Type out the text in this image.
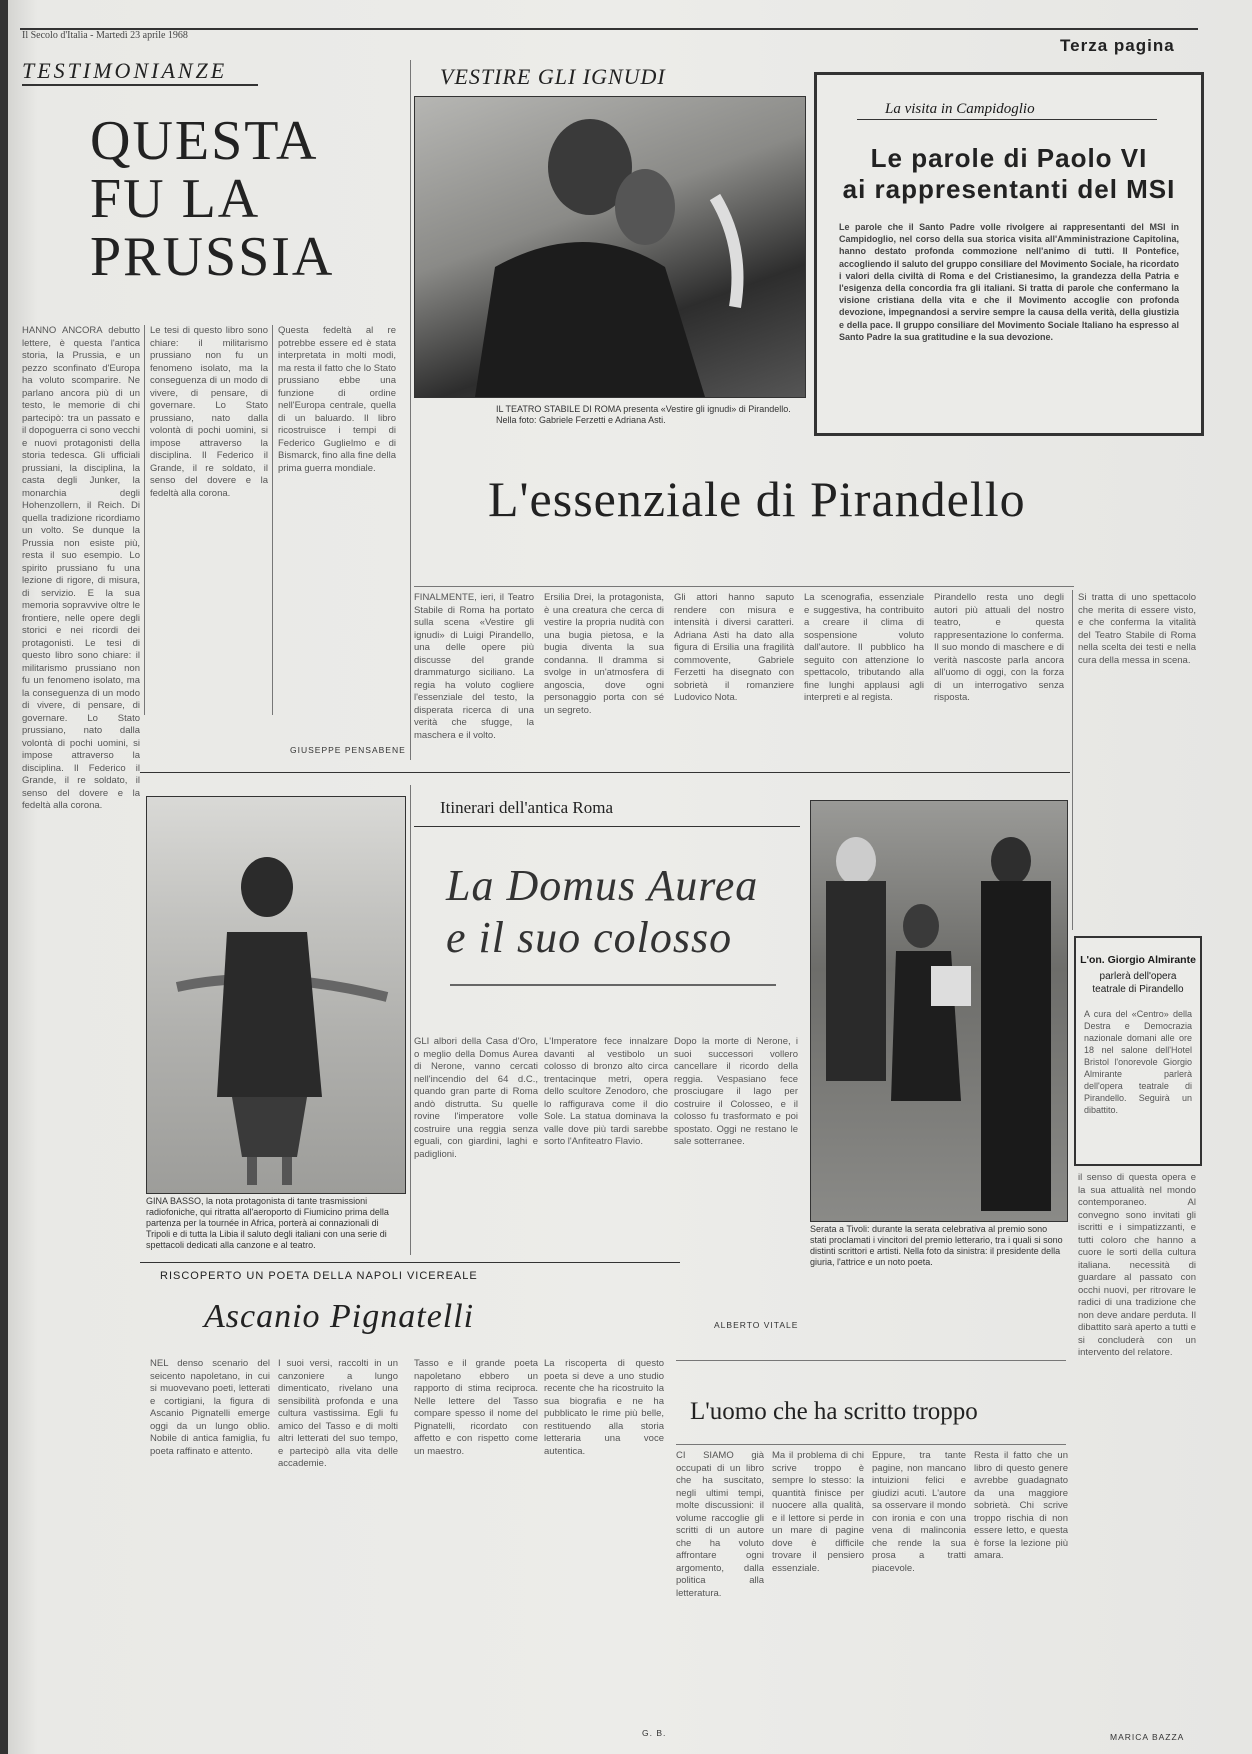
Il Secolo d'Italia - Martedì 23 aprile 1968
Terza pagina
TESTIMONIANZE
QUESTA
FU LA
PRUSSIA
HANNO ANCORA debutto lettere, è questa l'antica storia, la Prussia, e un pezzo sconfinato d'Europa ha voluto scomparire. Ne parlano ancora più di un testo, le memorie di chi partecipò: tra un passato e il dopoguerra ci sono vecchi e nuovi protagonisti della storia tedesca. Gli ufficiali prussiani, la disciplina, la casta degli Junker, la monarchia degli Hohenzollern, il Reich. Di quella tradizione ricordiamo un volto. Se dunque la Prussia non esiste più, resta il suo esempio. Lo spirito prussiano fu una lezione di rigore, di misura, di servizio. E la sua memoria sopravvive oltre le frontiere, nelle opere degli storici e nei ricordi dei protagonisti. Le tesi di questo libro sono chiare: il militarismo prussiano non fu un fenomeno isolato, ma la conseguenza di un modo di vivere, di pensare, di governare. Lo Stato prussiano, nato dalla volontà di pochi uomini, si impose attraverso la disciplina. Il Federico il Grande, il re soldato, il senso del dovere e la fedeltà alla corona.
Le tesi di questo libro sono chiare: il militarismo prussiano non fu un fenomeno isolato, ma la conseguenza di un modo di vivere, di pensare, di governare. Lo Stato prussiano, nato dalla volontà di pochi uomini, si impose attraverso la disciplina. Il Federico il Grande, il re soldato, il senso del dovere e la fedeltà alla corona.
Questa fedeltà al re potrebbe essere ed è stata interpretata in molti modi, ma resta il fatto che lo Stato prussiano ebbe una funzione di ordine nell'Europa centrale, quella di un baluardo. Il libro ricostruisce i tempi di Federico Guglielmo e di Bismarck, fino alla fine della prima guerra mondiale.
GIUSEPPE PENSABENE
VESTIRE GLI IGNUDI
IL TEATRO STABILE DI ROMA presenta «Vestire gli ignudi» di Pirandello. Nella foto: Gabriele Ferzetti e Adriana Asti.
La visita in Campidoglio
Le parole di Paolo VI
ai rappresentanti del MSI
Le parole che il Santo Padre volle rivolgere ai rappresentanti del MSI in Campidoglio, nel corso della sua storica visita all'Amministrazione Capitolina, hanno destato profonda commozione nell'animo di tutti. Il Pontefice, accogliendo il saluto del gruppo consiliare del Movimento Sociale, ha ricordato i valori della civiltà di Roma e del Cristianesimo, la grandezza della Patria e l'esigenza della concordia fra gli italiani. Si tratta di parole che confermano la visione cristiana della vita e che il Movimento accoglie con profonda devozione, impegnandosi a servire sempre la causa della verità, della giustizia e della pace. Il gruppo consiliare del Movimento Sociale Italiano ha espresso al Santo Padre la sua gratitudine e la sua devozione.
L'essenziale di Pirandello
FINALMENTE, ieri, il Teatro Stabile di Roma ha portato sulla scena «Vestire gli ignudi» di Luigi Pirandello, una delle opere più discusse del grande drammaturgo siciliano. La regia ha voluto cogliere l'essenziale del testo, la disperata ricerca di una verità che sfugge, la maschera e il volto.
Ersilia Drei, la protagonista, è una creatura che cerca di vestire la propria nudità con una bugia pietosa, e la bugia diventa la sua condanna. Il dramma si svolge in un'atmosfera di angoscia, dove ogni personaggio porta con sé un segreto.
Gli attori hanno saputo rendere con misura e intensità i diversi caratteri. Adriana Asti ha dato alla figura di Ersilia una fragilità commovente, Gabriele Ferzetti ha disegnato con sobrietà il romanziere Ludovico Nota.
La scenografia, essenziale e suggestiva, ha contribuito a creare il clima di sospensione voluto dall'autore. Il pubblico ha seguito con attenzione lo spettacolo, tributando alla fine lunghi applausi agli interpreti e al regista.
Pirandello resta uno degli autori più attuali del nostro teatro, e questa rappresentazione lo conferma. Il suo mondo di maschere e di verità nascoste parla ancora all'uomo di oggi, con la forza di un interrogativo senza risposta.
Si tratta di uno spettacolo che merita di essere visto, e che conferma la vitalità del Teatro Stabile di Roma nella scelta dei testi e nella cura della messa in scena.
GINA BASSO, la nota protagonista di tante trasmissioni radiofoniche, qui ritratta all'aeroporto di Fiumicino prima della partenza per la tournée in Africa, porterà ai connazionali di Tripoli e di tutta la Libia il saluto degli italiani con una serie di spettacoli dedicati alla canzone e al teatro.
Itinerari dell'antica Roma
La Domus Aurea
e il suo colosso
GLI albori della Casa d'Oro, o meglio della Domus Aurea di Nerone, vanno cercati nell'incendio del 64 d.C., quando gran parte di Roma andò distrutta. Su quelle rovine l'imperatore volle costruire una reggia senza eguali, con giardini, laghi e padiglioni.
L'Imperatore fece innalzare davanti al vestibolo un colosso di bronzo alto circa trentacinque metri, opera dello scultore Zenodoro, che lo raffigurava come il dio Sole. La statua dominava la valle dove più tardi sarebbe sorto l'Anfiteatro Flavio.
Dopo la morte di Nerone, i suoi successori vollero cancellare il ricordo della reggia. Vespasiano fece prosciugare il lago per costruire il Colosseo, e il colosso fu trasformato e poi spostato. Oggi ne restano le sale sotterranee.
ALBERTO VITALE
Serata a Tivoli: durante la serata celebrativa al premio sono stati proclamati i vincitori del premio letterario, tra i quali si sono distinti scrittori e artisti. Nella foto da sinistra: il presidente della giuria, l'attrice e un noto poeta.
L'on. Giorgio Almirante
parlerà dell'opera teatrale di Pirandello
A cura del «Centro» della Destra e Democrazia nazionale domani alle ore 18 nel salone dell'Hotel Bristol l'onorevole Giorgio Almirante parlerà dell'opera teatrale di Pirandello. Seguirà un dibattito.
il senso di questa opera e la sua attualità nel mondo contemporaneo. Al convegno sono invitati gli iscritti e i simpatizzanti, e tutti coloro che hanno a cuore le sorti della cultura italiana. necessità di guardare al passato con occhi nuovi, per ritrovare le radici di una tradizione che non deve andare perduta. Il dibattito sarà aperto a tutti e si concluderà con un intervento del relatore.
RISCOPERTO UN POETA DELLA NAPOLI VICEREALE
Ascanio Pignatelli
NEL denso scenario del seicento napoletano, in cui si muovevano poeti, letterati e cortigiani, la figura di Ascanio Pignatelli emerge oggi da un lungo oblio. Nobile di antica famiglia, fu poeta raffinato e attento.
I suoi versi, raccolti in un canzoniere a lungo dimenticato, rivelano una sensibilità profonda e una cultura vastissima. Egli fu amico del Tasso e di molti altri letterati del suo tempo, e partecipò alla vita delle accademie.
Tasso e il grande poeta napoletano ebbero un rapporto di stima reciproca. Nelle lettere del Tasso compare spesso il nome del Pignatelli, ricordato con affetto e con rispetto come un maestro.
La riscoperta di questo poeta si deve a uno studio recente che ha ricostruito la sua biografia e ne ha pubblicato le rime più belle, restituendo alla storia letteraria una voce autentica.
G. B.
L'uomo che ha scritto troppo
CI SIAMO già occupati di un libro che ha suscitato, negli ultimi tempi, molte discussioni: il volume raccoglie gli scritti di un autore che ha voluto affrontare ogni argomento, dalla politica alla letteratura.
Ma il problema di chi scrive troppo è sempre lo stesso: la quantità finisce per nuocere alla qualità, e il lettore si perde in un mare di pagine dove è difficile trovare il pensiero essenziale.
Eppure, tra tante pagine, non mancano intuizioni felici e giudizi acuti. L'autore sa osservare il mondo con ironia e con una vena di malinconia che rende la sua prosa a tratti piacevole.
Resta il fatto che un libro di questo genere avrebbe guadagnato da una maggiore sobrietà. Chi scrive troppo rischia di non essere letto, e questa è forse la lezione più amara.
MARICA BAZZA
